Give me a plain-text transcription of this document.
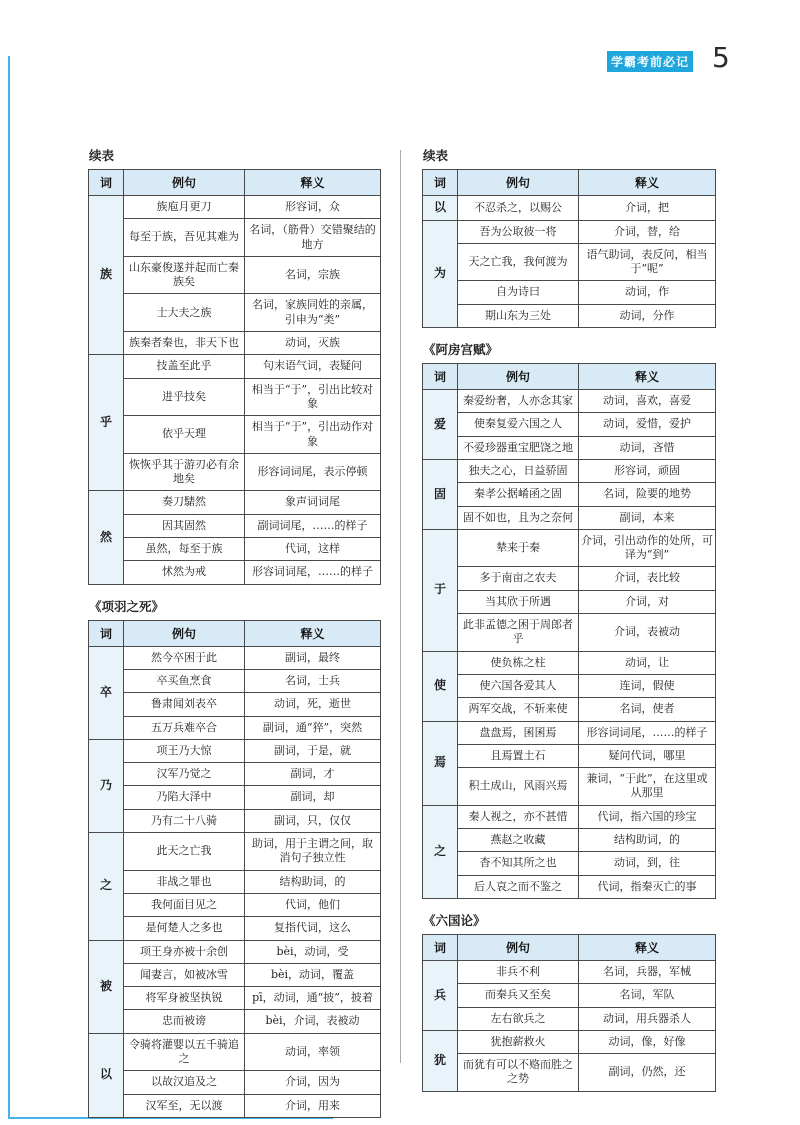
学霸考前必记 5
续表
词	例句	释义
族	族庖月更刀	形容词，众
	每至于族，吾见其难为	名词，（筋骨）交错聚结的地方
	山东豪俊遂并起而亡秦族矣	名词，宗族
	士大夫之族	名词，家族同姓的亲属，引申为“类”
	族秦者秦也，非天下也	动词，灭族
乎	技盖至此乎	句末语气词，表疑问
	进乎技矣	相当于“于”，引出比较对象
	依乎天理	相当于“于”，引出动作对象
	恢恢乎其于游刃必有余地矣	形容词词尾，表示停顿
然	奏刀騞然	象声词词尾
	因其固然	副词词尾，……的样子
	虽然，每至于族	代词，这样
	怵然为戒	形容词词尾，……的样子
《项羽之死》
词	例句	释义
卒	然今卒困于此	副词，最终
	卒买鱼烹食	名词，士兵
	鲁肃闻刘表卒	动词，死，逝世
	五万兵难卒合	副词，通“猝”，突然
乃	项王乃大惊	副词，于是，就
	汉军乃觉之	副词，才
	乃陷大泽中	副词，却
	乃有二十八骑	副词，只，仅仅
之	此天之亡我	助词，用于主谓之间，取消句子独立性
	非战之罪也	结构助词，的
	我何面目见之	代词，他们
	是何楚人之多也	复指代词，这么
被	项王身亦被十余创	bèi，动词，受
	闻妻言，如被冰雪	bèi，动词，覆盖
	将军身被坚执锐	pī，动词，通“披”，披着
	忠而被谤	bèi，介词，表被动
以	令骑将灌婴以五千骑追之	动词，率领
	以故汉追及之	介词，因为
	汉军至，无以渡	介词，用来
续表
词	例句	释义
以	不忍杀之，以赐公	介词，把
为	吾为公取彼一将	介词，替，给
	天之亡我，我何渡为	语气助词，表反问，相当于“呢”
	自为诗曰	动词，作
	期山东为三处	动词，分作
《阿房宫赋》
词	例句	释义
爱	秦爱纷奢，人亦念其家	动词，喜欢，喜爱
	使秦复爱六国之人	动词，爱惜，爱护
	不爱珍器重宝肥饶之地	动词，吝惜
固	独夫之心，日益骄固	形容词，顽固
	秦孝公据崤函之固	名词，险要的地势
	固不如也，且为之奈何	副词，本来
于	辇来于秦	介词，引出动作的处所，可译为“到”
	多于南亩之农夫	介词，表比较
	当其欣于所遇	介词，对
	此非孟德之困于周郎者乎	介词，表被动
使	使负栋之柱	动词，让
	使六国各爱其人	连词，假使
	两军交战，不斩来使	名词，使者
焉	盘盘焉，囷囷焉	形容词词尾，……的样子
	且焉置土石	疑问代词，哪里
	积土成山，风雨兴焉	兼词，“于此”，在这里或从那里
之	秦人视之，亦不甚惜	代词，指六国的珍宝
	燕赵之收藏	结构助词，的
	杳不知其所之也	动词，到，往
	后人哀之而不鉴之	代词，指秦灭亡的事
《六国论》
词	例句	释义
兵	非兵不利	名词，兵器，军械
	而秦兵又至矣	名词，军队
	左右欲兵之	动词，用兵器杀人
犹	犹抱薪救火	动词，像，好像
	而犹有可以不赂而胜之之势	副词，仍然，还
